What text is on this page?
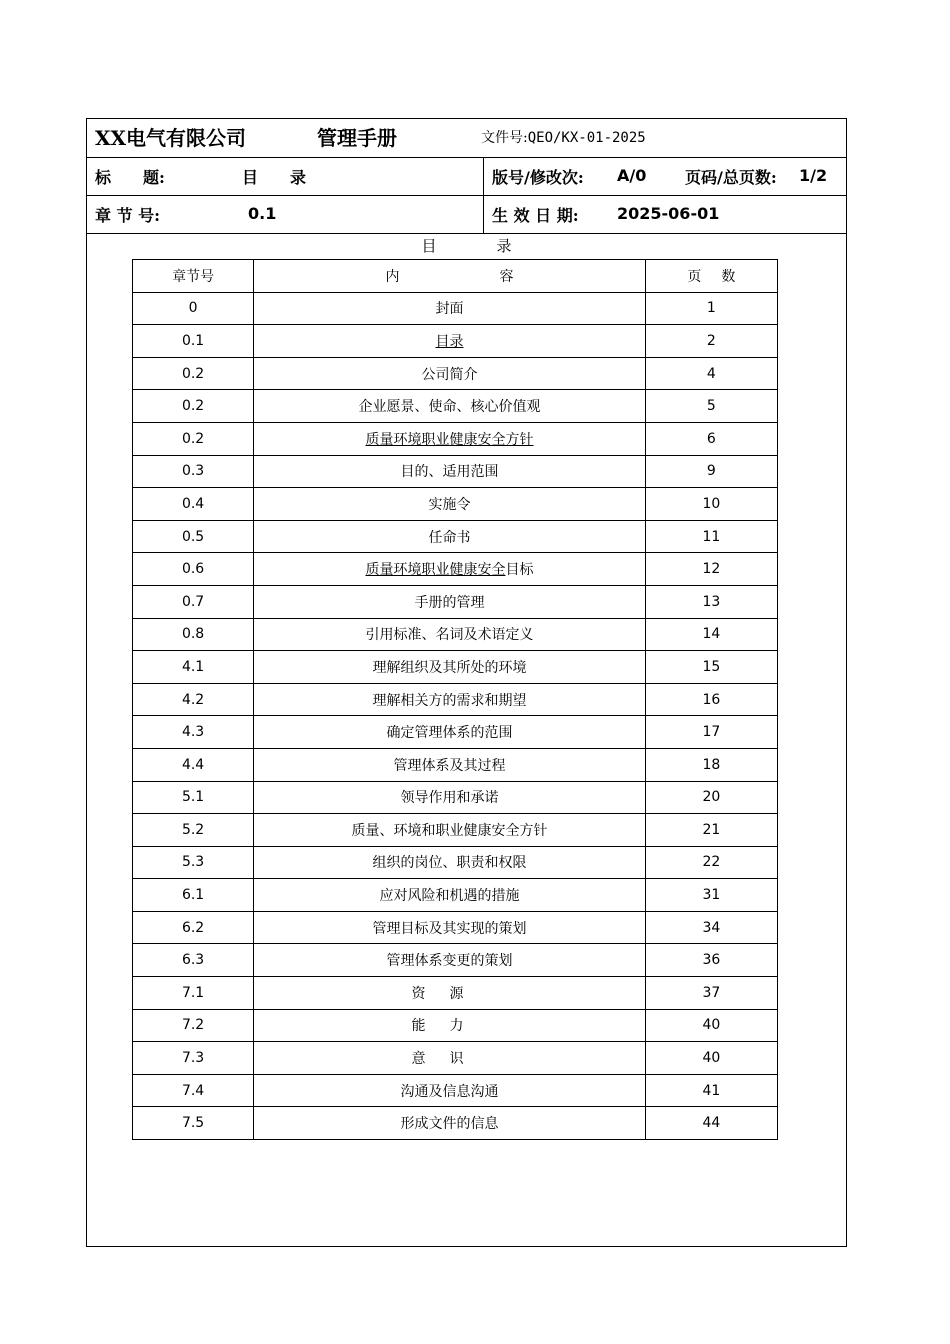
XX电气有限公司	管理手册	文件号:QEO/KX-01-2025
标　　题:	目　　录	版号/修改次: A/0 页码/总页数: 1/2
章 节 号:	0.1	生 效 日 期: 2025-06-01
目录
章节号	内容	页数
0	封面	1
0.1	目录	2
0.2	公司简介	4
0.2	企业愿景、使命、核心价值观	5
0.2	质量环境职业健康安全方针	6
0.3	目的、适用范围	9
0.4	实施令	10
0.5	任命书	11
0.6	质量环境职业健康安全目标	12
0.7	手册的管理	13
0.8	引用标准、名词及术语定义	14
4.1	理解组织及其所处的环境	15
4.2	理解相关方的需求和期望	16
4.3	确定管理体系的范围	17
4.4	管理体系及其过程	18
5.1	领导作用和承诺	20
5.2	质量、环境和职业健康安全方针	21
5.3	组织的岗位、职责和权限	22
6.1	应对风险和机遇的措施	31
6.2	管理目标及其实现的策划	34
6.3	管理体系变更的策划	36
7.1	资源	37
7.2	能力	40
7.3	意识	40
7.4	沟通及信息沟通	41
7.5	形成文件的信息	44
